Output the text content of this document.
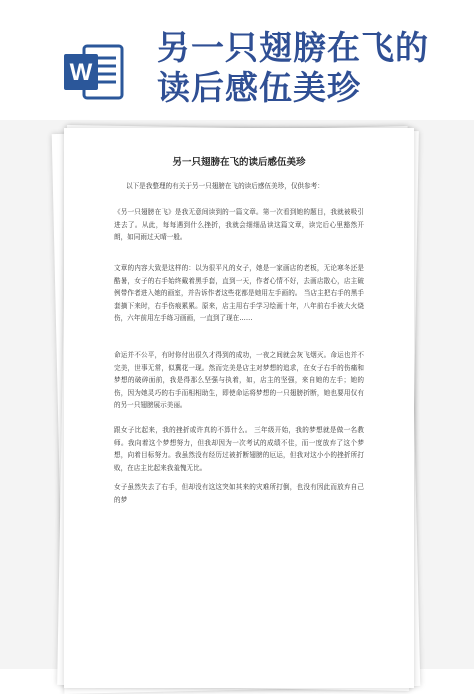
W
另一只翅膀在飞的
读后感伍美珍
另一只翅膀在飞的读后感伍美珍

以下是我整理的有关于另一只翅膀在飞的读后感伍美珍，仅供参考：

《另一只翅膀在飞》是我无意间读到的一篇文章。第一次看到她的题目，我就被吸引进去了。从此，每每遇到什么挫折，我就会细细品读这篇文章，读完后心里豁然开朗，如同雨过天晴一般。

文章的内容大致是这样的：以为很平凡的女子，她是一家画店的老板，无论寒冬还是酷暑，女子的右手始终戴着黑手套，直到一天，作者心情不好，去画店散心，店主破例带作者进入她的画室，并告诉作者这些花都是她用左手画的。 当店主把右手的黑手套摘下来时，右手伤痕累累。原来，店主用右手学习绘画十年，八年前右手被大火烧伤，六年前用左手练习画画，一直到了现在……

命运并不公平，有时你付出很久才得到的成功，一夜之间就会灰飞烟灭。命运也并不完美，世事无常，似冀花一现。然而完美是店主对梦想的追求，在女子右手的伤痛和梦想的破碎面前，我是得那么坚强与执着，如，店主的坚强，来自她的左手；她的伤，因为她灵巧的右手而相相助生，即使命运将梦想的一只翅膀折断，她也要用仅有的另一只翅膀展示美丽。

跟女子比起来，我的挫折或许真的不算什么。 三年级开始，我的梦想就是做一名教师。我向着这个梦想努力，但我却因为一次考试的成绩不佳，而一度放弃了这个梦想，向着目标努力。我虽然没有经历过被折断翅膀的厄运，但我对这小小的挫折所打败，在店主比起来我羞愧无比。

女子虽然失去了右手，但却没有这这突如其来的灾难所打倒，也没有因此而放弃自己的梦
